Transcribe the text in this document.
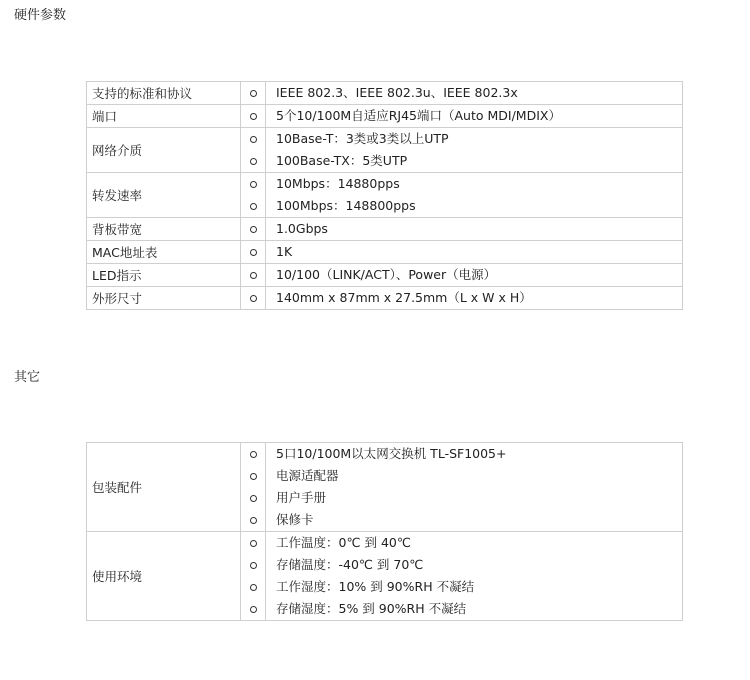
硬件参数
支持的标准和协议		IEEE 802.3、IEEE 802.3u、IEEE 802.3x

端口		5个10/100M自适应RJ45端口（Auto MDI/MDIX）

网络介质		10Base-T：3类或3类以上UTP
100Base-TX：5类UTP

转发速率		10Mbps：14880pps
100Mbps：148800pps

背板带宽		1.0Gbps

MAC地址表		1K

LED指示		10/100（LINK/ACT）、Power（电源）

外形尺寸		140mm x 87mm x 27.5mm（L x W x H）
其它
包装配件		5口10/100M以太网交换机 TL-SF1005+
电源适配器
用户手册
保修卡

使用环境		工作温度：0℃ 到 40℃
存储温度：-40℃ 到 70℃
工作湿度：10% 到 90%RH 不凝结
存储湿度：5% 到 90%RH 不凝结
